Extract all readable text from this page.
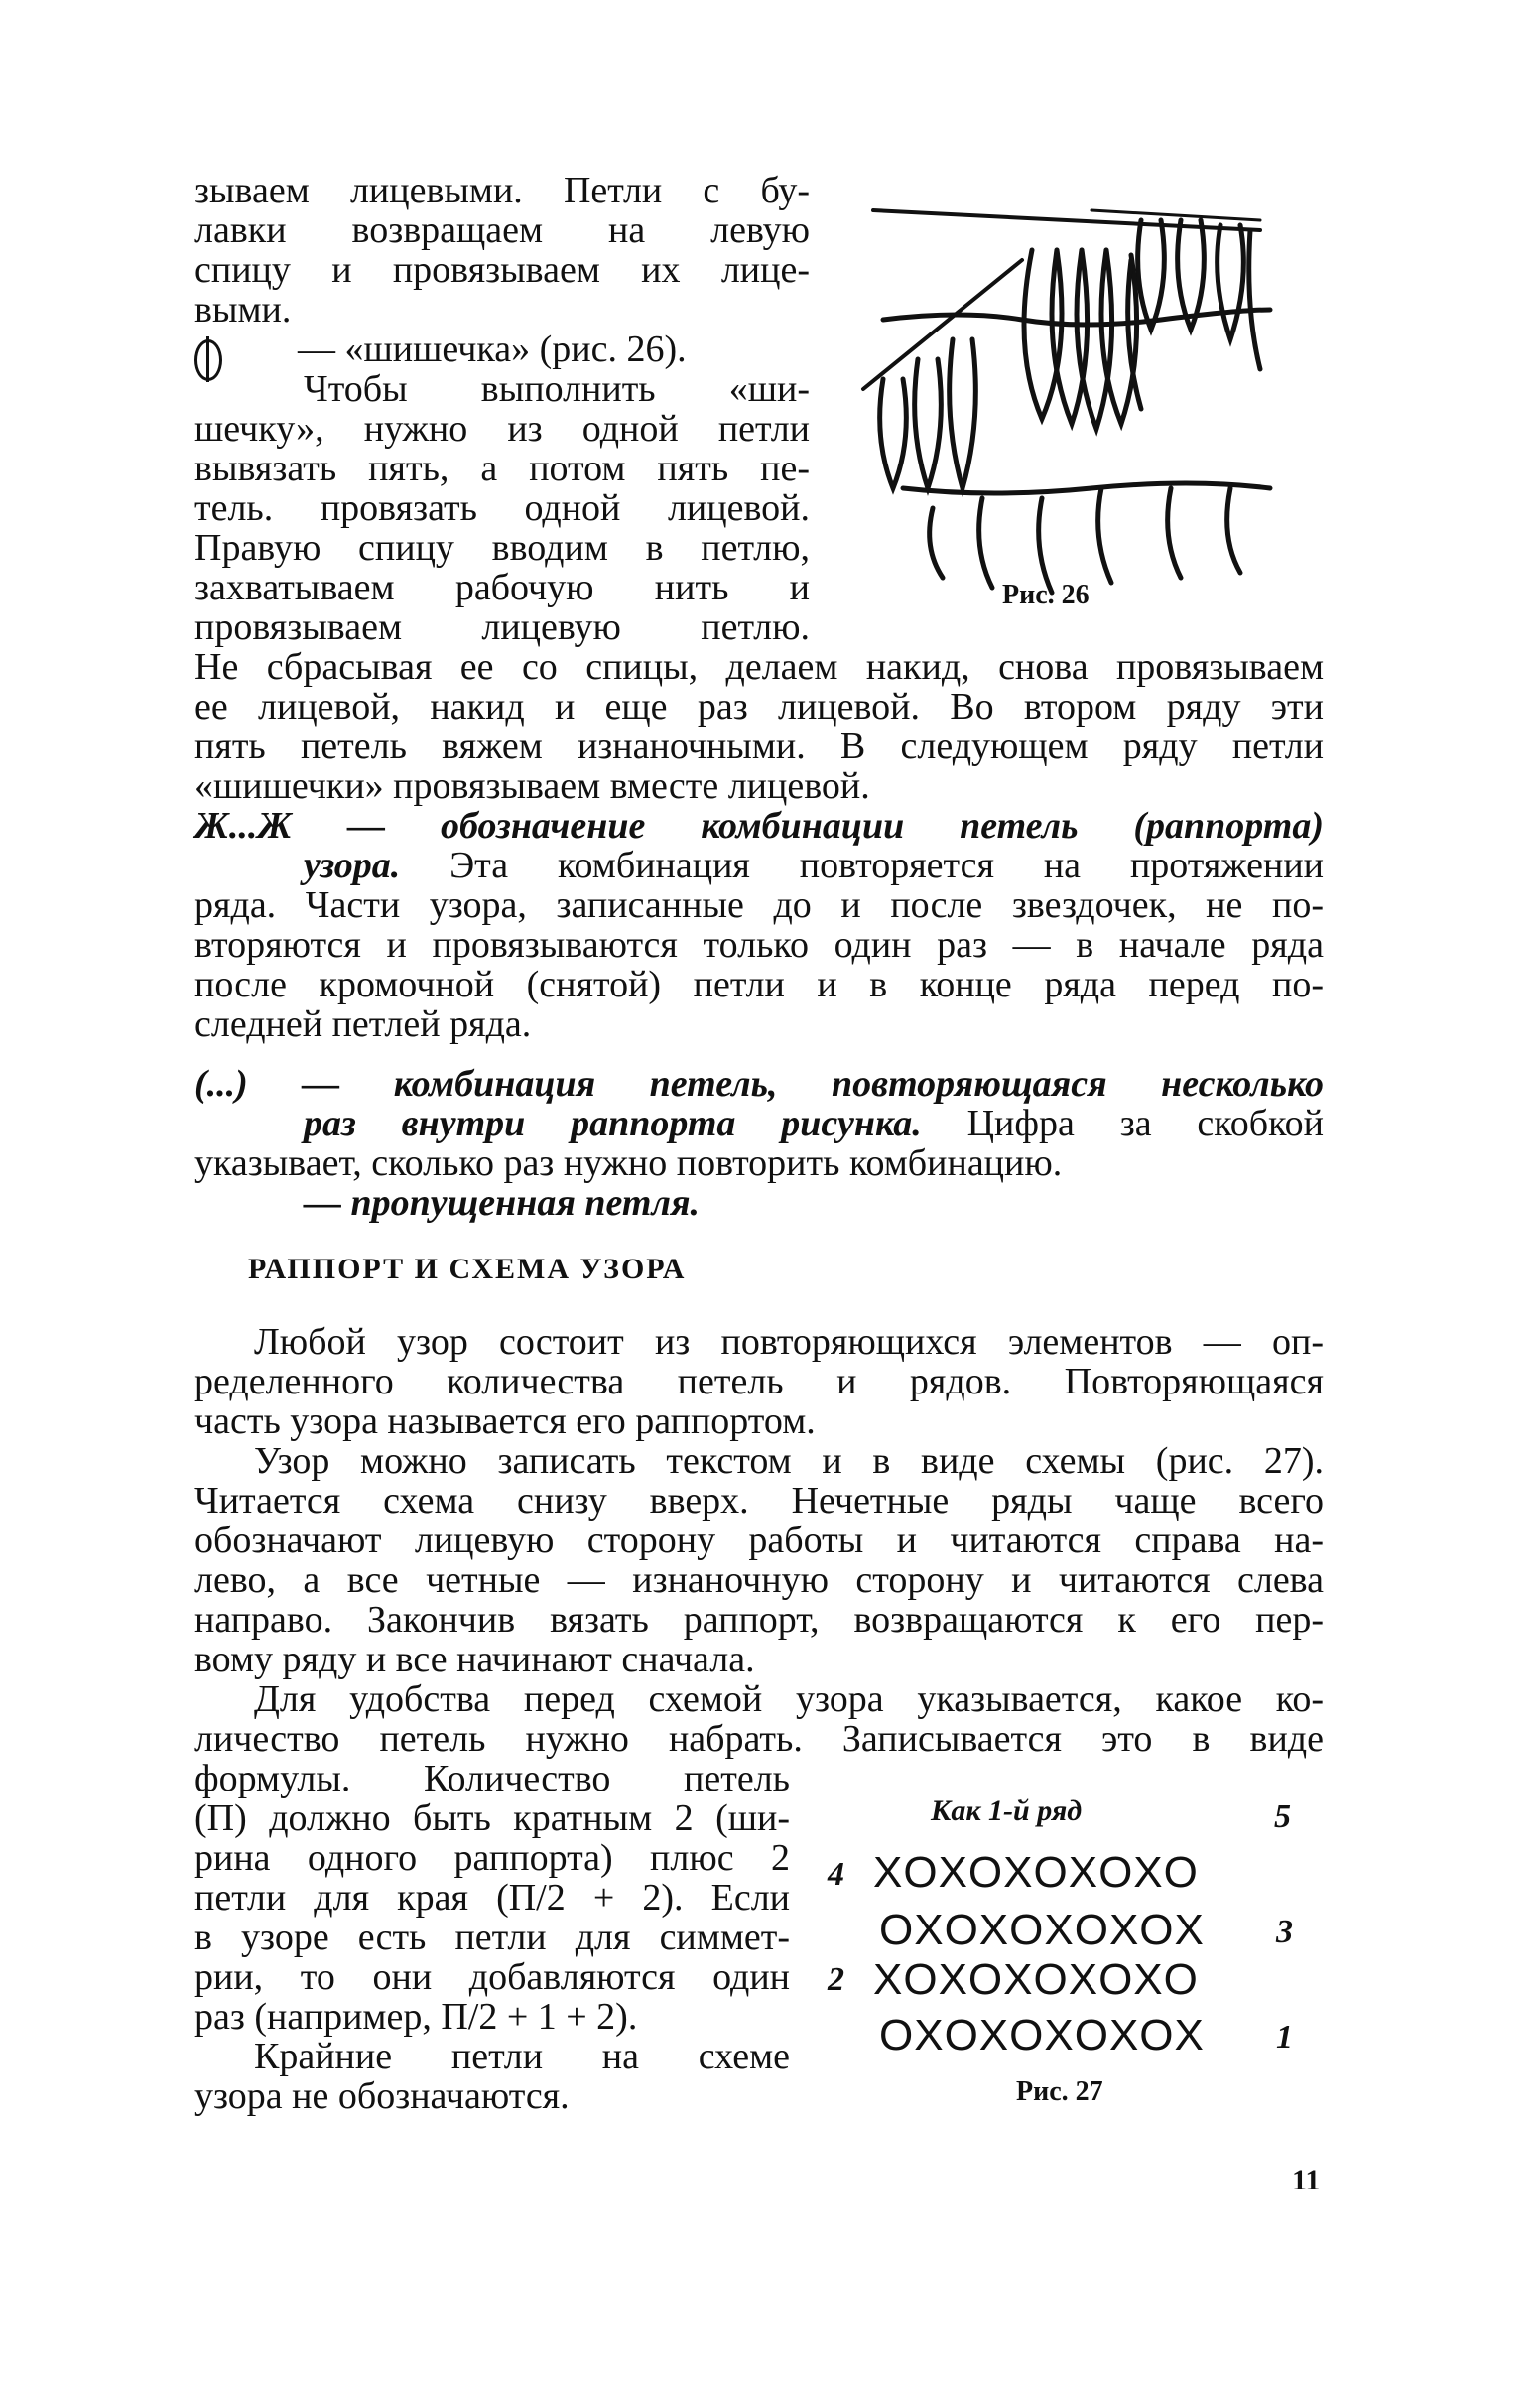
зываем лицевыми. Петли с бу-
лавки возвращаем на левую
спицу и провязываем их лице-
выми.
— «шишечка» (рис. 26).
Чтобы выполнить «ши-
шечку», нужно из одной петли
вывязать пять, а потом пять пе-
тель. провязать одной лицевой.
Правую спицу вводим в петлю,
захватываем рабочую нить и
провязываем лицевую петлю.
Рис. 26
Не сбрасывая ее со спицы, делаем накид, снова провязываем
ее лицевой, накид и еще раз лицевой. Во втором ряду эти
пять петель вяжем изнаночными. В следующем ряду петли
«шишечки» провязываем вместе лицевой.
Ж...Ж — обозначение комбинации петель (раппорта)
узора. Эта комбинация повторяется на протяжении
ряда. Части узора, записанные до и после звездочек, не по-
вторяются и провязываются только один раз — в начале ряда
после кромочной (снятой) петли и в конце ряда перед по-
следней петлей ряда.
(...) — комбинация петель, повторяющаяся несколько
раз внутри раппорта рисунка. Цифра за скобкой
указывает, сколько раз нужно повторить комбинацию.
— пропущенная петля.
РАППОРТ И СХЕМА УЗОРА
Любой узор состоит из повторяющихся элементов — оп-
ределенного количества петель и рядов. Повторяющаяся
часть узора называется его раппортом.
Узор можно записать текстом и в виде схемы (рис. 27).
Читается схема снизу вверх. Нечетные ряды чаще всего
обозначают лицевую сторону работы и читаются справа на-
лево, а все четные — изнаночную сторону и читаются слева
направо. Закончив вязать раппорт, возвращаются к его пер-
вому ряду и все начинают сначала.
Для удобства перед схемой узора указывается, какое ко-
личество петель нужно набрать. Записывается это в виде
формулы. Количество петель
(П) должно быть кратным 2 (ши-
рина одного раппорта) плюс 2
петли для края (П/2 + 2). Если
в узоре есть петли для симмет-
рии, то они добавляются один
раз (например, П/2 + 1 + 2).
Крайние петли на схеме
узора не обозначаются.
Как 1-й ряд	5
4 XOXOXOXOXO
OXOXOXOXOX 3
2 XOXOXOXOXO
OXOXOXOXOX 1
Рис. 27
11
